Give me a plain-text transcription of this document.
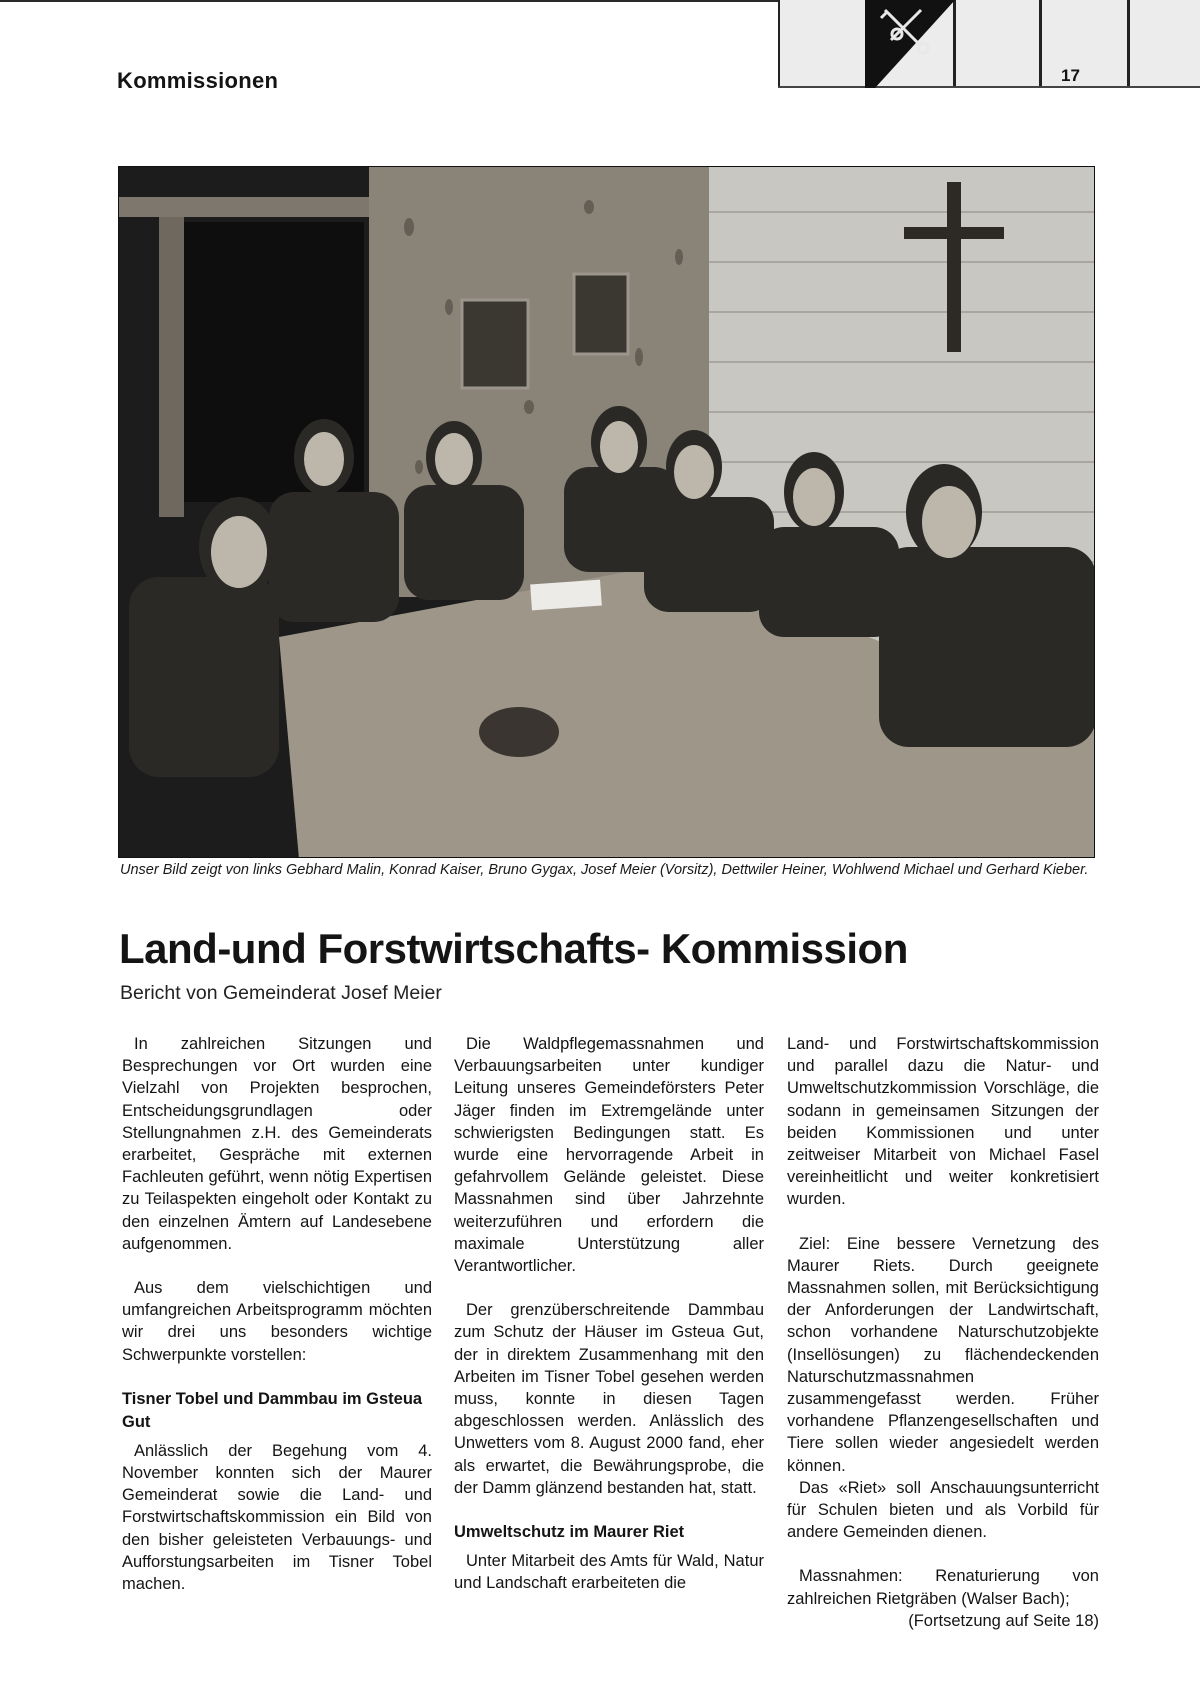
Kommissionen	17
Unser Bild zeigt von links Gebhard Malin, Konrad Kaiser, Bruno Gygax, Josef Meier (Vorsitz), Dettwiler Heiner, Wohlwend Michael und Gerhard Kieber.
Land-und Forstwirtschafts- Kommission
Bericht von Gemeinderat Josef Meier

In zahlreichen Sitzungen und Besprechungen vor Ort wurden eine Vielzahl von Projekten besprochen, Entscheidungsgrundlagen oder Stellungnahmen z.H. des Gemeinderats erarbeitet, Gespräche mit externen Fachleuten geführt, wenn nötig Expertisen zu Teilaspekten eingeholt oder Kontakt zu den einzelnen Ämtern auf Landesebene aufgenommen.

Aus dem vielschichtigen und umfangreichen Arbeitsprogramm möchten wir drei uns besonders wichtige Schwerpunkte vorstellen:

Tisner Tobel und Dammbau im Gsteua Gut

Anlässlich der Begehung vom 4. November konnten sich der Maurer Gemeinderat sowie die Land- und Forstwirtschaftskommission ein Bild von den bisher geleisteten Verbauungs- und Aufforstungsarbeiten im Tisner Tobel machen.

Die Waldpflegemassnahmen und Verbauungsarbeiten unter kundiger Leitung unseres Gemeindeförsters Peter Jäger finden im Extremgelände unter schwierigsten Bedingungen statt. Es wurde eine hervorragende Arbeit in gefahrvollem Gelände geleistet. Diese Massnahmen sind über Jahrzehnte weiterzuführen und erfordern die maximale Unterstützung aller Verantwortlicher.

Der grenzüberschreitende Dammbau zum Schutz der Häuser im Gsteua Gut, der in direktem Zusammenhang mit den Arbeiten im Tisner Tobel gesehen werden muss, konnte in diesen Tagen abgeschlossen werden. Anlässlich des Unwetters vom 8. August 2000 fand, eher als erwartet, die Bewährungsprobe, die der Damm glänzend bestanden hat, statt.

Umweltschutz im Maurer Riet

Unter Mitarbeit des Amts für Wald, Natur und Landschaft erarbeiteten die

Land- und Forstwirtschaftskommission und parallel dazu die Natur- und Umweltschutzkommission Vorschläge, die sodann in gemeinsamen Sitzungen der beiden Kommissionen und unter zeitweiser Mitarbeit von Michael Fasel vereinheitlicht und weiter konkretisiert wurden.

Ziel: Eine bessere Vernetzung des Maurer Riets. Durch geeignete Massnahmen sollen, mit Berücksichtigung der Anforderungen der Landwirtschaft, schon vorhandene Naturschutzobjekte (Insellösungen) zu flächendeckenden Naturschutzmassnahmen zusammengefasst werden. Früher vorhandene Pflanzengesellschaften und Tiere sollen wieder angesiedelt werden können.

Das «Riet» soll Anschauungsunterricht für Schulen bieten und als Vorbild für andere Gemeinden dienen.

Massnahmen: Renaturierung von zahlreichen Rietgräben (Walser Bach);

(Fortsetzung auf Seite 18)
